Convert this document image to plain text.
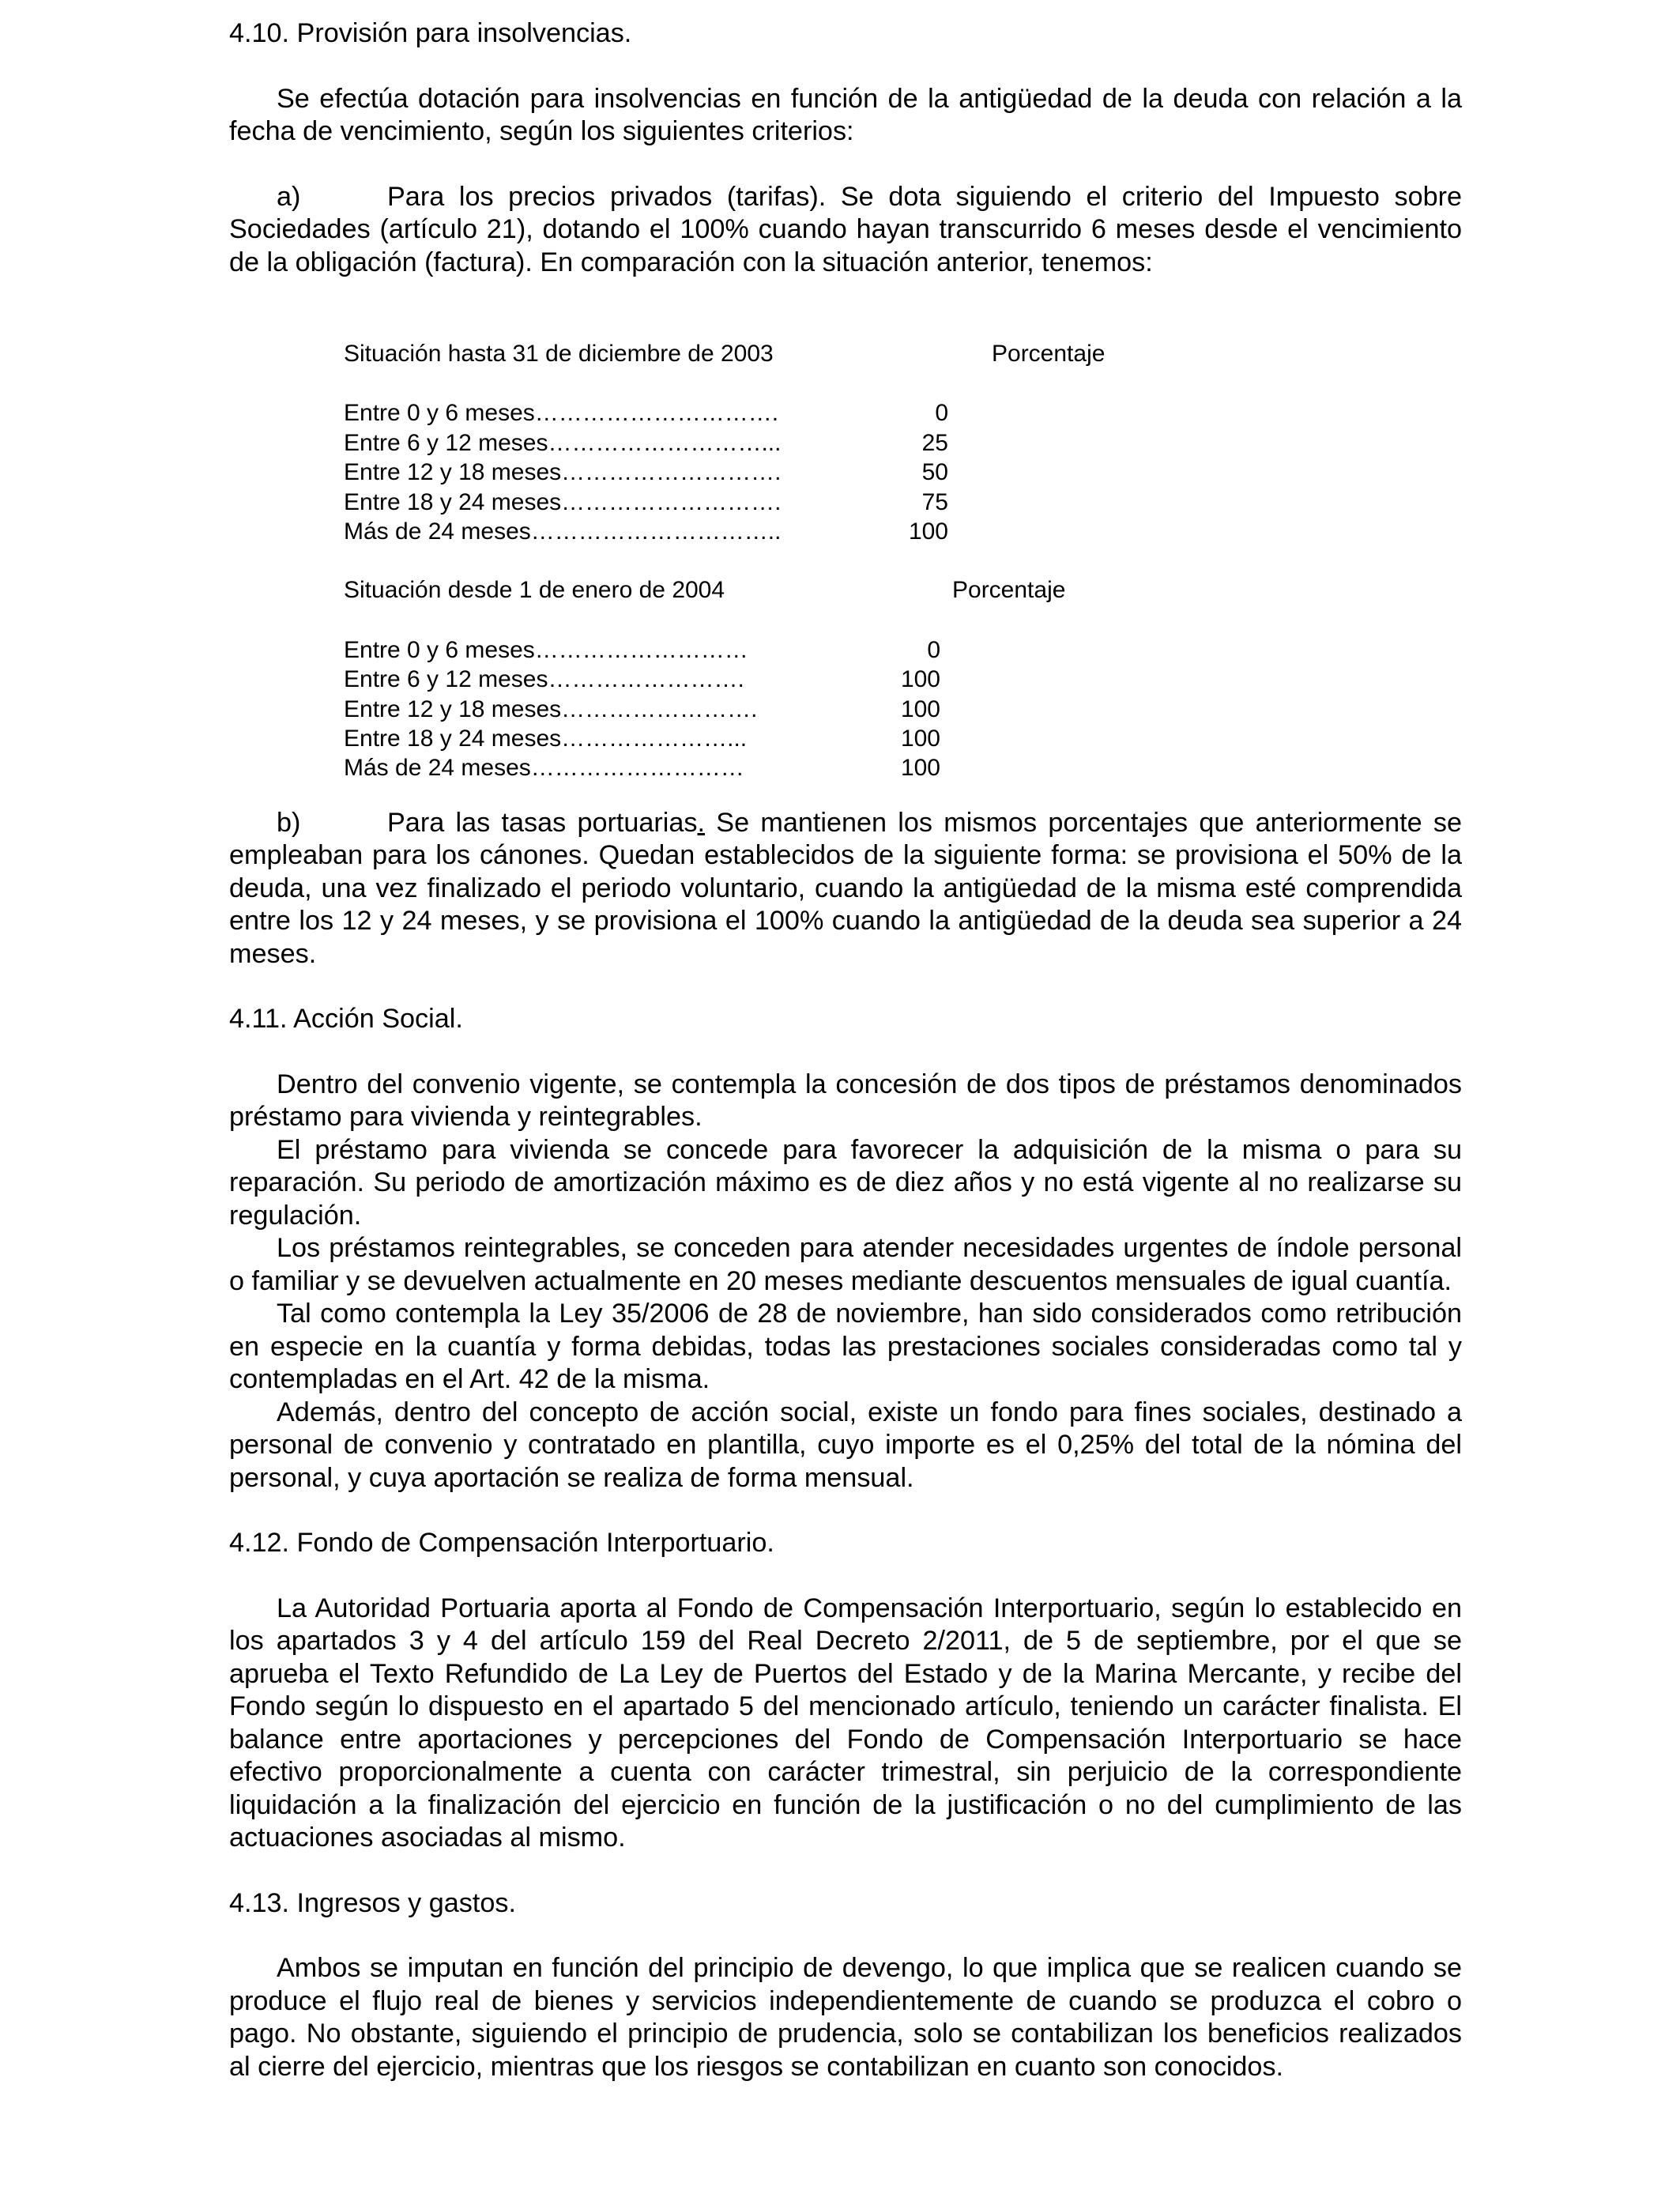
4.10. Provisión para insolvencias.

Se efectúa dotación para insolvencias en función de la antigüedad de la deuda con relación a la fecha de vencimiento, según los siguientes criterios:

a)	Para los precios privados (tarifas). Se dota siguiendo el criterio del Impuesto sobre Sociedades (artículo 21), dotando el 100% cuando hayan transcurrido 6 meses desde el vencimiento de la obligación (factura). En comparación con la situación anterior, tenemos:

Situación hasta 31 de diciembre de 2003	Porcentaje
Entre 0 y 6 meses………………………….	0
Entre 6 y 12 meses………………………...	25
Entre 12 y 18 meses……………………….	50
Entre 18 y 24 meses……………………….	75
Más de 24 meses…………………………..	100
Situación desde 1 de enero de 2004	Porcentaje
Entre 0 y 6 meses………………………	0
Entre 6 y 12 meses…………………….	100
Entre 12 y 18 meses…………………….	100
Entre 18 y 24 meses…………………...	100
Más de 24 meses………………………	100

b)	Para las tasas portuarias. Se mantienen los mismos porcentajes que anteriormente se empleaban para los cánones. Quedan establecidos de la siguiente forma: se provisiona el 50% de la deuda, una vez finalizado el periodo voluntario, cuando la antigüedad de la misma esté comprendida entre los 12 y 24 meses, y se provisiona el 100% cuando la antigüedad de la deuda sea superior a 24 meses.

4.11. Acción Social.

Dentro del convenio vigente, se contempla la concesión de dos tipos de préstamos denominados préstamo para vivienda y reintegrables.

El préstamo para vivienda se concede para favorecer la adquisición de la misma o para su reparación. Su periodo de amortización máximo es de diez años y no está vigente al no realizarse su regulación.

Los préstamos reintegrables, se conceden para atender necesidades urgentes de índole personal o familiar y se devuelven actualmente en 20 meses mediante descuentos mensuales de igual cuantía.

Tal como contempla la Ley 35/2006 de 28 de noviembre, han sido considerados como retribución en especie en la cuantía y forma debidas, todas las prestaciones sociales consideradas como tal y contempladas en el Art. 42 de la misma.

Además, dentro del concepto de acción social, existe un fondo para fines sociales, destinado a personal de convenio y contratado en plantilla, cuyo importe es el 0,25% del total de la nómina del personal, y cuya aportación se realiza de forma mensual.

4.12. Fondo de Compensación Interportuario.

La Autoridad Portuaria aporta al Fondo de Compensación Interportuario, según lo establecido en los apartados 3 y 4 del artículo 159 del Real Decreto 2/2011, de 5 de septiembre, por el que se aprueba el Texto Refundido de La Ley de Puertos del Estado y de la Marina Mercante, y recibe del Fondo según lo dispuesto en el apartado 5 del mencionado artículo, teniendo un carácter finalista. El balance entre aportaciones y percepciones del Fondo de Compensación Interportuario se hace efectivo proporcionalmente a cuenta con carácter trimestral, sin perjuicio de la correspondiente liquidación a la finalización del ejercicio en función de la justificación o no del cumplimiento de las actuaciones asociadas al mismo.

4.13. Ingresos y gastos.

Ambos se imputan en función del principio de devengo, lo que implica que se realicen cuando se produce el flujo real de bienes y servicios independientemente de cuando se produzca el cobro o pago. No obstante, siguiendo el principio de prudencia, solo se contabilizan los beneficios realizados al cierre del ejercicio, mientras que los riesgos se contabilizan en cuanto son conocidos.
